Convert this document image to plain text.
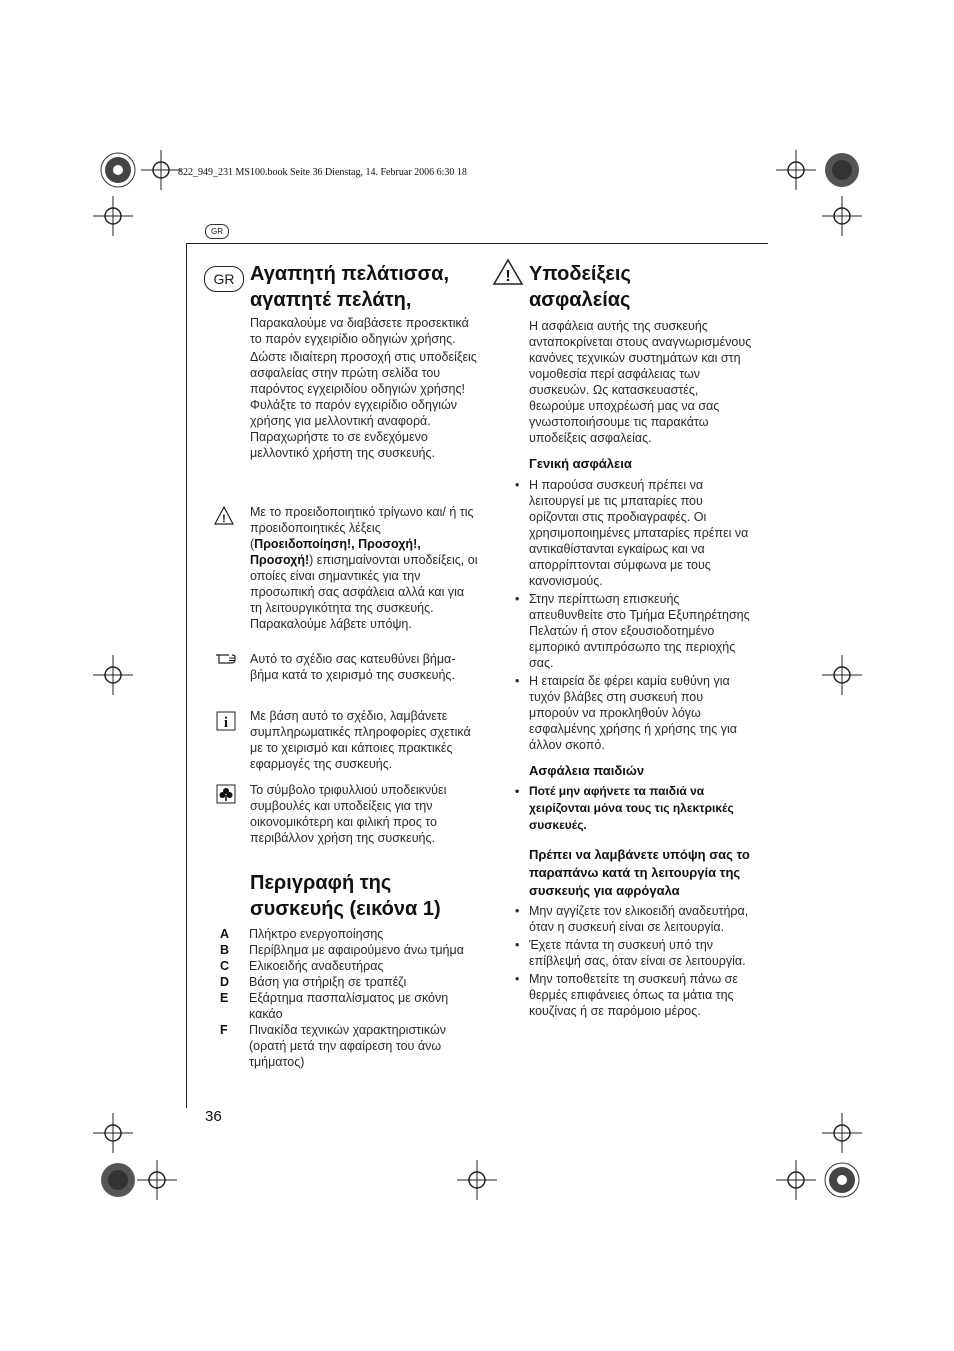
822_949_231 MS100.book Seite 36 Dienstag, 14. Februar 2006 6:30 18
GR
GR Αγαπητή πελάτισσα,
αγαπητέ πελάτη,

Παρακαλούμε να διαβάσετε προσεκτικά το παρόν εγχειρίδιο οδηγιών χρήσης.

Δώστε ιδιαίτερη προσοχή στις υποδείξεις ασφαλείας στην πρώτη σελίδα του παρόντος εγχειριδίου οδηγιών χρήσης! Φυλάξτε το παρόν εγχειρίδιο οδηγιών χρήσης για μελλοντική αναφορά. Παραχωρήστε το σε ενδεχόμενο μελλοντικό χρήστη της συσκευής.

! Με το προειδοποιητικό τρίγωνο και/ ή τις προειδοποιητικές λέξεις (Προειδοποίηση!, Προσοχή!, Προσοχή!) επισημαίνονται υποδείξεις, οι οποίες είναι σημαντικές για την προσωπική σας ασφάλεια αλλά και για τη λειτουργικότητα της συσκευής. Παρακαλούμε λάβετε υπόψη.

Αυτό το σχέδιο σας κατευθύνει βήμα-βήμα κατά το χειρισμό της συσκευής.

i Με βάση αυτό το σχέδιο, λαμβάνετε συμπληρωματικές πληροφορίες σχετικά με το χειρισμό και κάποιες πρακτικές εφαρμογές της συσκευής.

Το σύμβολο τριφυλλιού υποδεικνύει συμβουλές και υποδείξεις για την οικονομικότερη και φιλική προς το περιβάλλον χρήση της συσκευής.

Περιγραφή της
συσκευής (εικόνα 1)
A	Πλήκτρο ενεργοποίησης
B	Περίβλημα με αφαιρούμενο άνω τμήμα
C	Ελικοειδής αναδευτήρας
D	Βάση για στήριξη σε τραπέζι
E	Εξάρτημα πασπαλίσματος με σκόνη κακάο
F	Πινακίδα τεχνικών χαρακτηριστικών (ορατή μετά την αφαίρεση του άνω τμήματος)
36
! Υποδείξεις
ασφαλείας

Η ασφάλεια αυτής της συσκευής ανταποκρίνεται στους αναγνωρισμένους κανόνες τεχνικών συστημάτων και στη νομοθεσία περί ασφάλειας των συσκευών. Ως κατασκευαστές, θεωρούμε υποχρέωσή μας να σας γνωστοποιήσουμε τις παρακάτω υποδείξεις ασφαλείας.

Γενική ασφάλεια

• Η παρούσα συσκευή πρέπει να λειτουργεί με τις μπαταρίες που ορίζονται στις προδιαγραφές. Οι χρησιμοποιημένες μπαταρίες πρέπει να αντικαθίστανται εγκαίρως και να απορρίπτονται σύμφωνα με τους κανονισμούς.

• Στην περίπτωση επισκευής απευθυνθείτε στο Τμήμα Εξυπηρέτησης Πελατών ή στον εξουσιοδοτημένο εμπορικό αντιπρόσωπο της περιοχής σας.

• Η εταιρεία δε φέρει καμία ευθύνη για τυχόν βλάβες στη συσκευή που μπορούν να προκληθούν λόγω εσφαλμένης χρήσης ή χρήσης της για άλλον σκοπό.

Ασφάλεια παιδιών

• Ποτέ μην αφήνετε τα παιδιά να χειρίζονται μόνα τους τις ηλεκτρικές συσκευές.

Πρέπει να λαμβάνετε υπόψη σας το παραπάνω κατά τη λειτουργία της συσκευής για αφρόγαλα

• Μην αγγίζετε τον ελικοειδή αναδευτήρα, όταν η συσκευή είναι σε λειτουργία.

• Έχετε πάντα τη συσκευή υπό την επίβλεψή σας, όταν είναι σε λειτουργία.

• Μην τοποθετείτε τη συσκευή πάνω σε θερμές επιφάνειες όπως τα μάτια της κουζίνας ή σε παρόμοιο μέρος.
